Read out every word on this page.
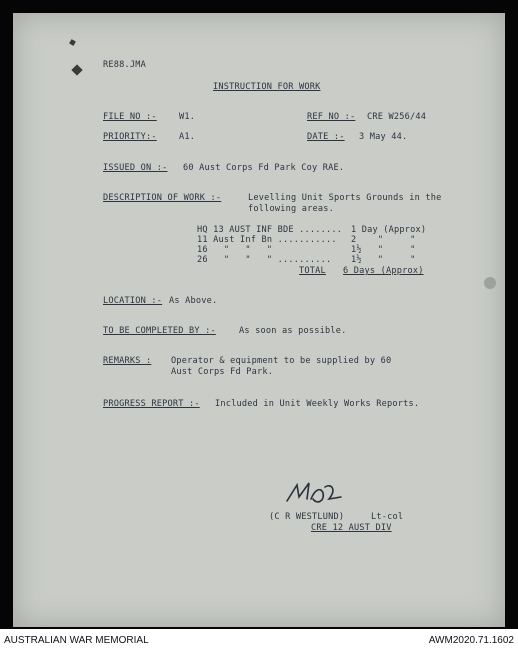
RE88.JMA
INSTRUCTION FOR WORK
FILE NO :-	W1.	REF NO :- CRE W256/44
PRIORITY:-	A1.	DATE :- 3 May 44.
ISSUED ON :- 60 Aust Corps Fd Park Coy RAE.
DESCRIPTION OF WORK :-	Levelling Unit Sports Grounds in the
following areas.
HQ 13 AUST INF BDE ........ 1 Day (Approx)
11 Aust Inf Bn ........... 2    "     "
16   "   "   "	1½   "     "
26   "   "   " .......... 1½   "     "
TOTAL 6 Days (Approx)
LOCATION :- As Above.
TO BE COMPLETED BY :-	As soon as possible.
REMARKS : Operator & equipment to be supplied by 60
Aust Corps Fd Park.
PROGRESS REPORT :- Included in Unit Weekly Works Reports.
(C R WESTLUND)	Lt-col
CRE 12 AUST DIV
AUSTRALIAN WAR MEMORIAL	AWM2020.71.1602
